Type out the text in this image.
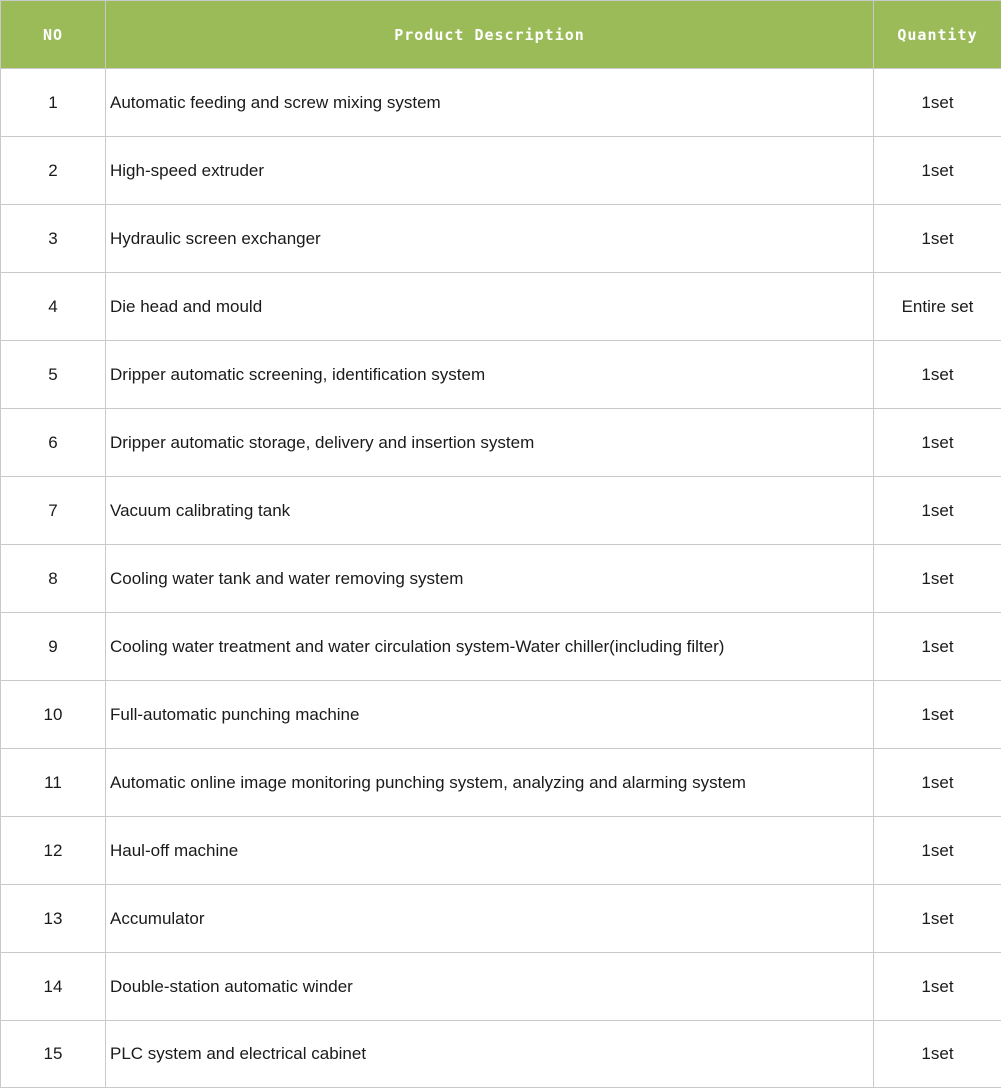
NO	Product Description	Quantity
1	Automatic feeding and screw mixing system	1set
2	High-speed extruder	1set
3	Hydraulic screen exchanger	1set
4	Die head and mould	Entire set
5	Dripper automatic screening, identification system	1set
6	Dripper automatic storage, delivery and insertion system	1set
7	Vacuum calibrating tank	1set
8	Cooling water tank and water removing system	1set
9	Cooling water treatment and water circulation system-Water chiller(including filter)	1set
10	Full-automatic punching machine	1set
11	Automatic online image monitoring punching system, analyzing and alarming system	1set
12	Haul-off machine	1set
13	Accumulator	1set
14	Double-station automatic winder	1set
15	PLC system and electrical cabinet	1set
